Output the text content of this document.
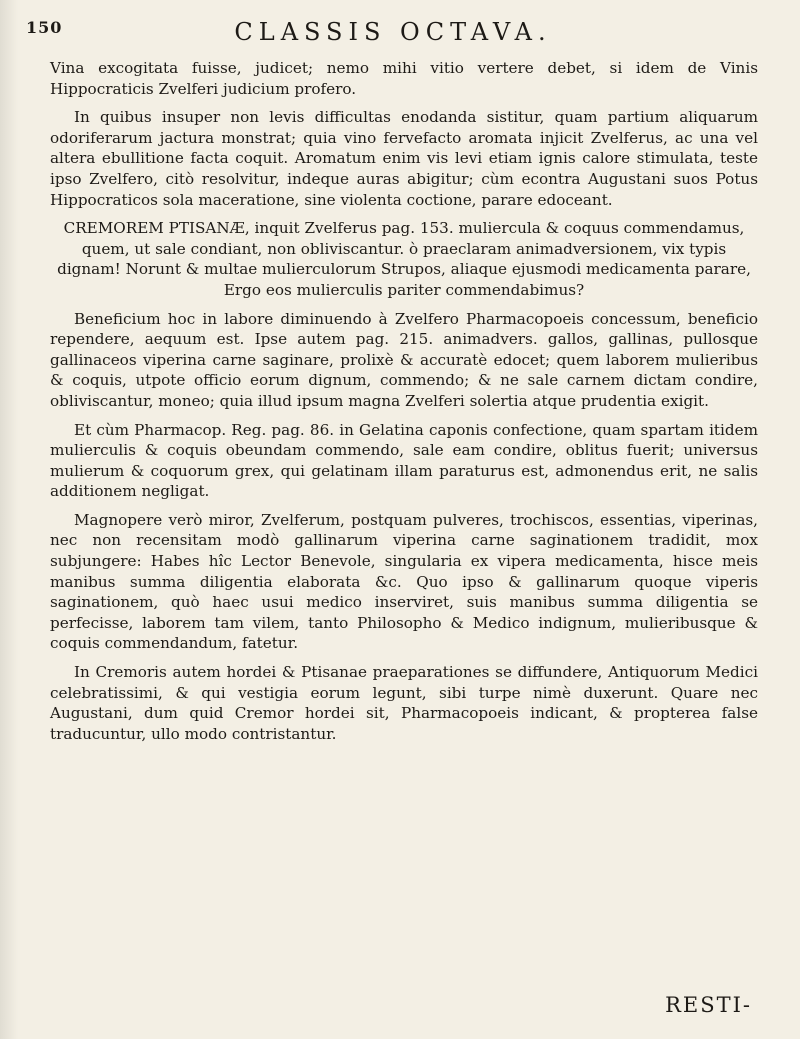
150	CLASSIS OCTAVA.

Vina excogitata fuisse, judicet; nemo mihi vitio vertere debet, si idem de Vinis Hippocraticis Zvelferi judicium profero.

In quibus insuper non levis difficultas enodanda sistitur, quam partium aliquarum odoriferarum jactura monstrat; quia vino fervefacto aromata injicit Zvelferus, ac una vel altera ebullitione facta coquit. Aromatum enim vis levi etiam ignis calore stimulata, teste ipso Zvelfero, citò resolvitur, indeque auras abigitur; cùm econtra Augustani suos Potus Hippocraticos sola maceratione, sine violenta coctione, parare edoceant.

CREMOREM PTISANÆ, inquit Zvelferus pag. 153. muliercula & coquus commendamus, quem, ut sale condiant, non obliviscantur. ò praeclaram animadversionem, vix typis dignam! Norunt & multae mulierculorum Strupos, aliaque ejusmodi medicamenta parare, Ergo eos mulierculis pariter commendabimus?

Beneficium hoc in labore diminuendo à Zvelfero Pharmacopoeis concessum, beneficio rependere, aequum est. Ipse autem pag. 215. animadvers. gallos, gallinas, pullosque gallinaceos viperina carne saginare, prolixè & accuratè edocet; quem laborem mulieribus & coquis, utpote officio eorum dignum, commendo; & ne sale carnem dictam condire, obliviscantur, moneo; quia illud ipsum magna Zvelferi solertia atque prudentia exigit.

Et cùm Pharmacop. Reg. pag. 86. in Gelatina caponis confectione, quam spartam itidem mulierculis & coquis obeundam commendo, sale eam condire, oblitus fuerit; universus mulierum & coquorum grex, qui gelatinam illam paraturus est, admonendus erit, ne salis additionem negligat.

Magnopere verò miror, Zvelferum, postquam pulveres, trochiscos, essentias, viperinas, nec non recensitam modò gallinarum viperina carne saginationem tradidit, mox subjungere: Habes hîc Lector Benevole, singularia ex vipera medicamenta, hisce meis manibus summa diligentia elaborata &c. Quo ipso & gallinarum quoque viperis saginationem, quò haec usui medico inserviret, suis manibus summa diligentia se perfecisse, laborem tam vilem, tanto Philosopho & Medico indignum, mulieribusque & coquis commendandum, fatetur.

In Cremoris autem hordei & Ptisanae praeparationes se diffundere, Antiquorum Medici celebratissimi, & qui vestigia eorum legunt, sibi turpe nimè duxerunt. Quare nec Augustani, dum quid Cremor hordei sit, Pharmacopoeis indicant, & propterea false traducuntur, ullo modo contristantur.

RESTI-
